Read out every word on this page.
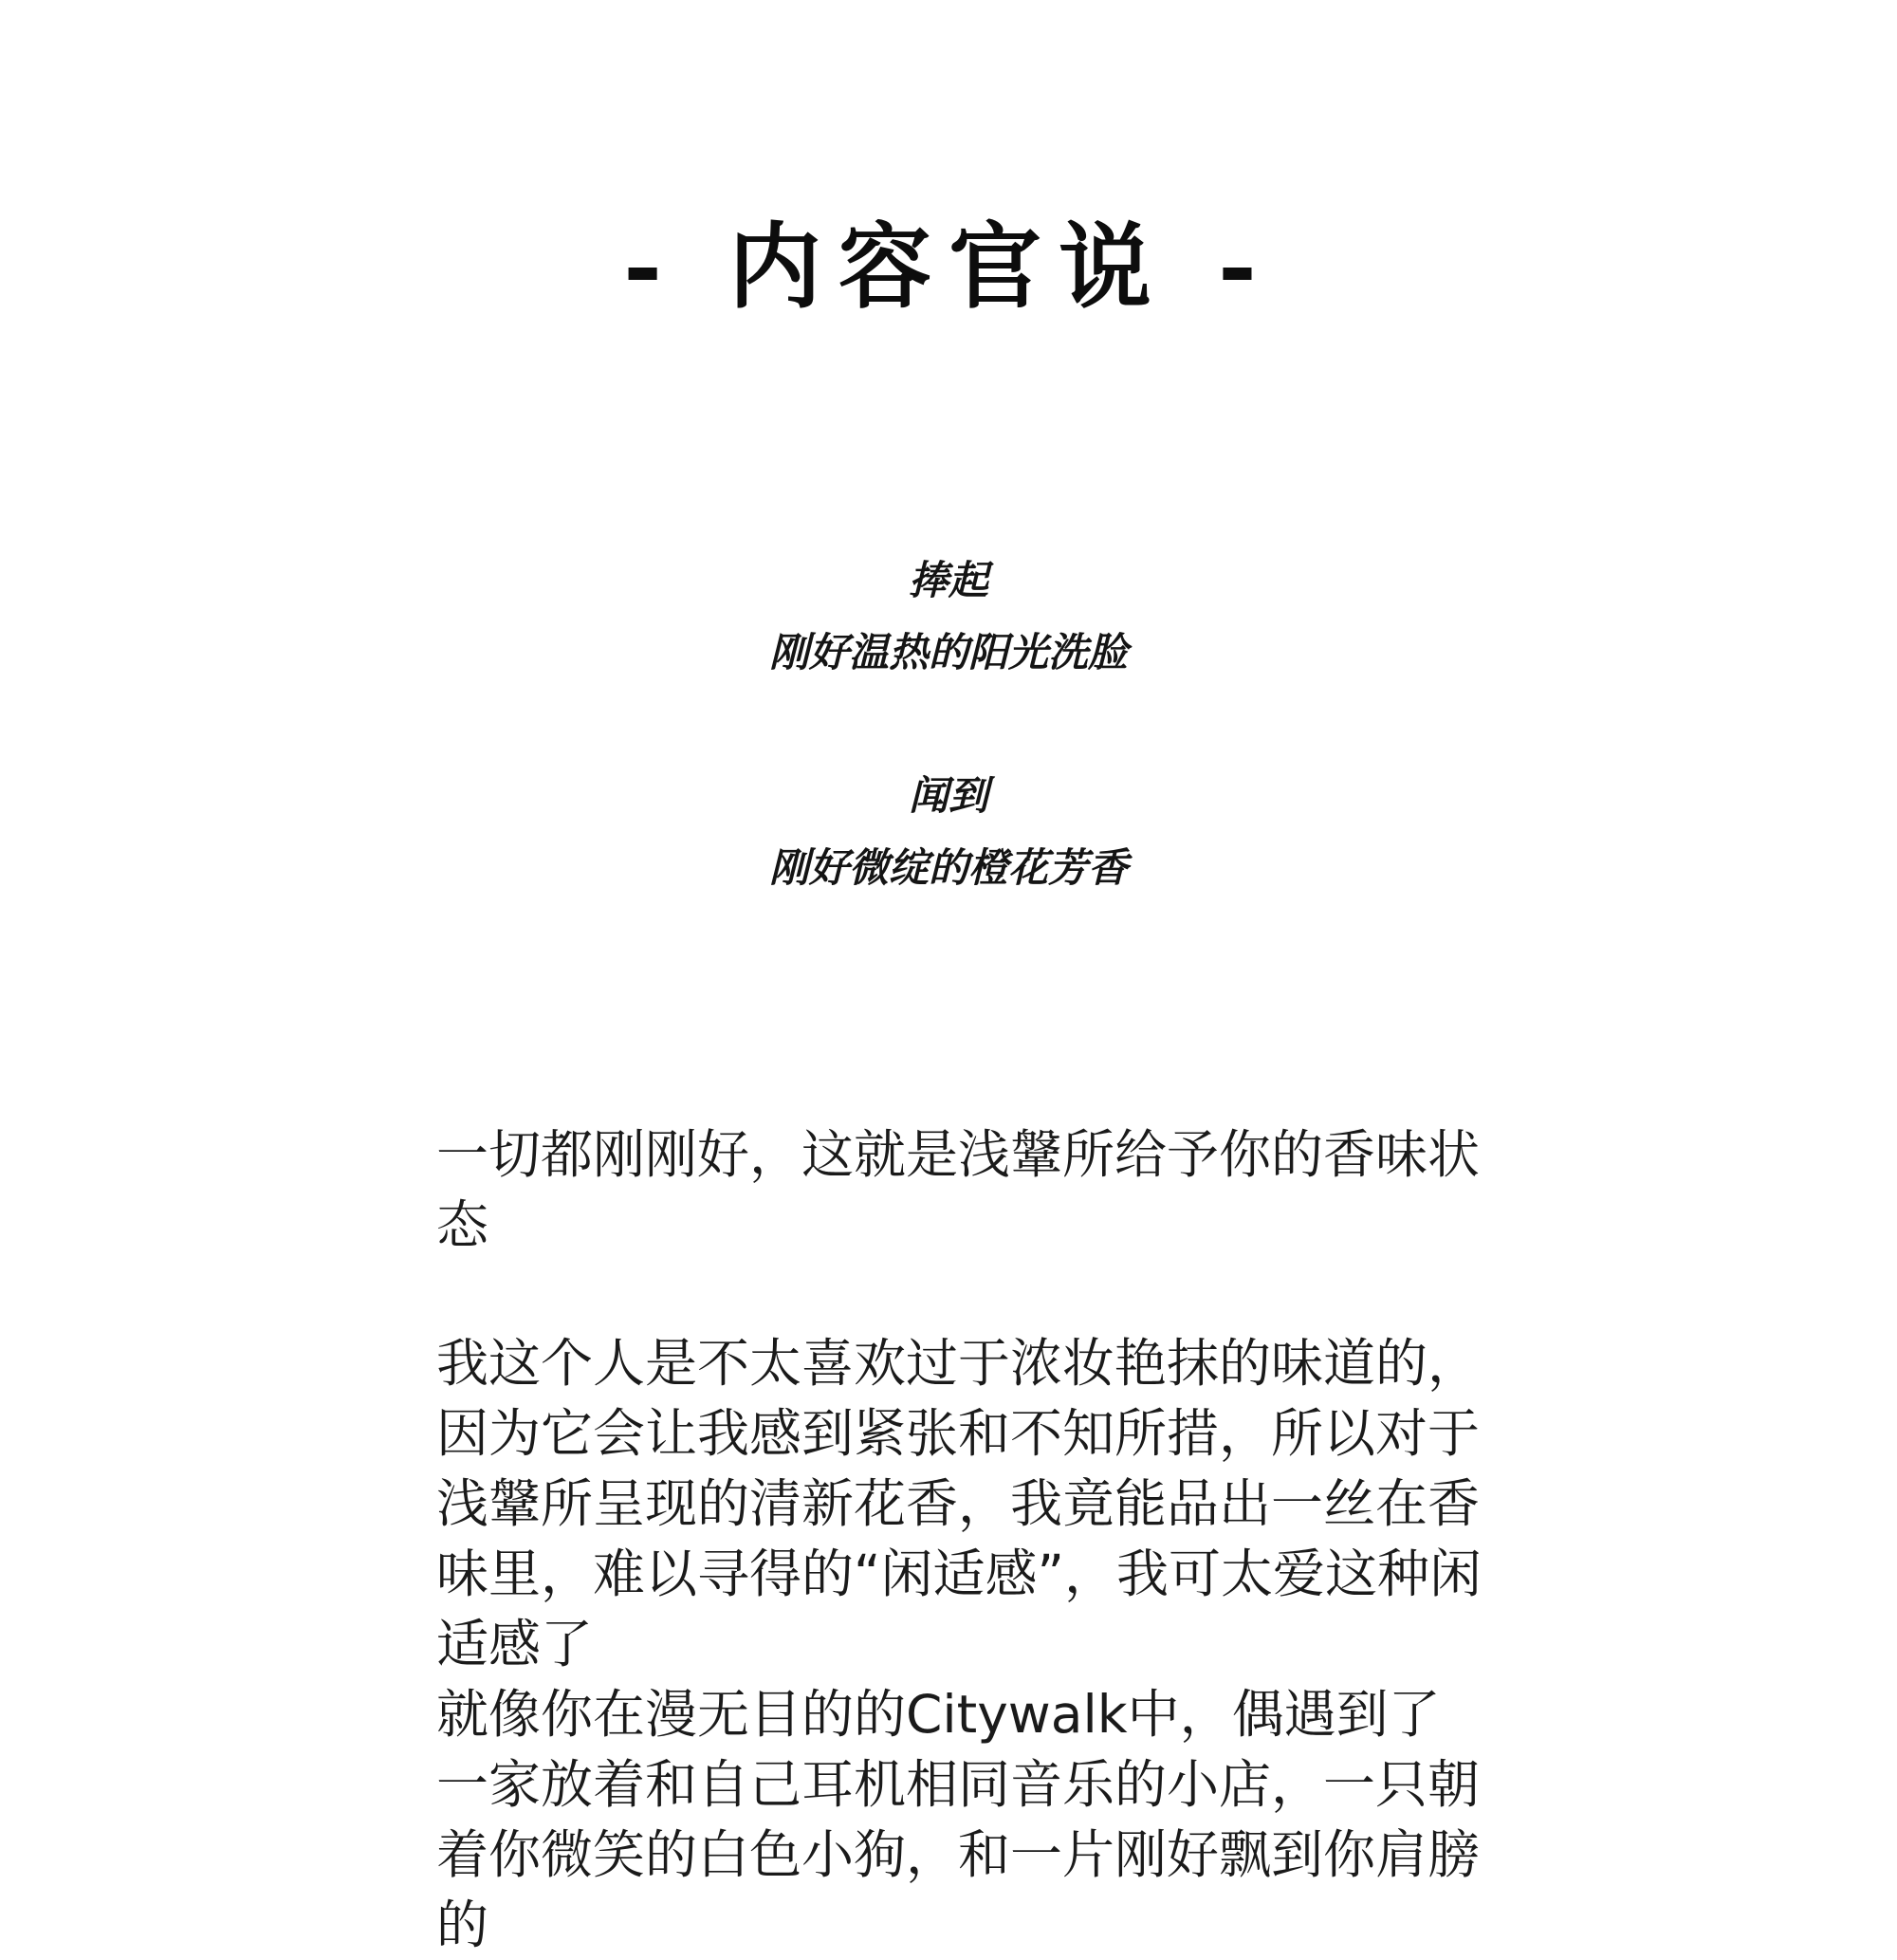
- 内容官说 -
捧起
刚好温热的阳光洗脸
闻到
刚好微绽的橙花芳香

一切都刚刚好，这就是浅鞶所给予你的香味状态

我这个人是不太喜欢过于浓妆艳抹的味道的，因为它会让我感到紧张和不知所措，所以对于浅鞶所呈现的清新花香，我竟能品出一丝在香味里，难以寻得的“闲适感”，我可太爱这种闲适感了

就像你在漫无目的的Citywalk中，偶遇到了一家放着和自己耳机相同音乐的小店，一只朝着你微笑的白色小狗，和一片刚好飘到你肩膀的
